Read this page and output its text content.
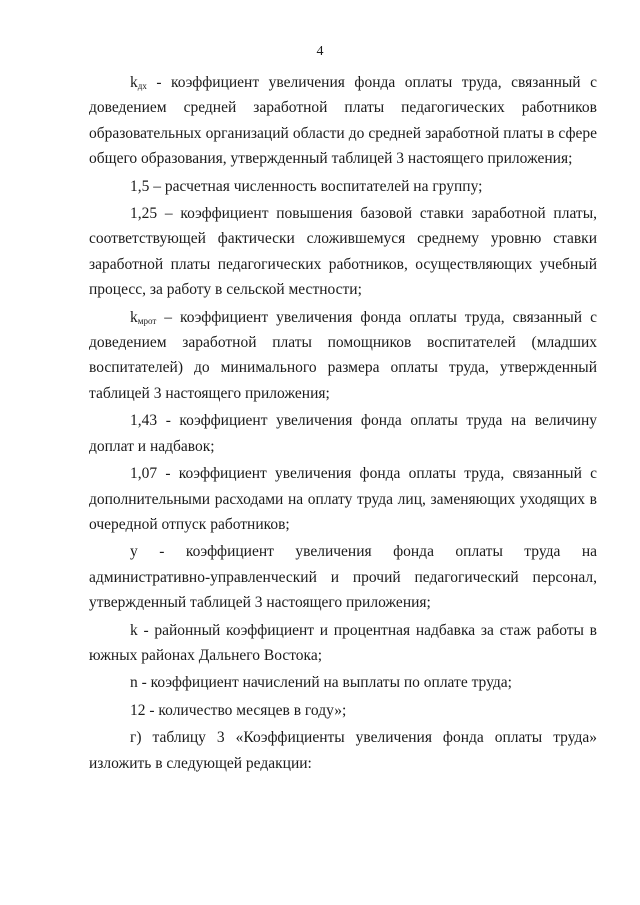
4

$k_{дх}$ - коэффициент увеличения фонда оплаты труда, связанный с доведением средней заработной платы педагогических работников образовательных организаций области до средней заработной платы в сфере общего образования, утвержденный таблицей 3 настоящего приложения;

1,5 – расчетная численность воспитателей на группу;

1,25 – коэффициент повышения базовой ставки заработной платы, соответствующей фактически сложившемуся среднему уровню ставки заработной платы педагогических работников, осуществляющих учебный процесс, за работу в сельской местности;

$k_{мрот}$ – коэффициент увеличения фонда оплаты труда, связанный с доведением заработной платы помощников воспитателей (младших воспитателей) до минимального размера оплаты труда, утвержденный таблицей 3 настоящего приложения;

1,43 - коэффициент увеличения фонда оплаты труда на величину доплат и надбавок;

1,07 - коэффициент увеличения фонда оплаты труда, связанный с дополнительными расходами на оплату труда лиц, заменяющих уходящих в очередной отпуск работников;

у - коэффициент увеличения фонда оплаты труда на административно-управленческий и прочий педагогический персонал, утвержденный таблицей 3 настоящего приложения;

k - районный коэффициент и процентная надбавка за стаж работы в южных районах Дальнего Востока;

n - коэффициент начислений на выплаты по оплате труда;

12 - количество месяцев в году»;

г) таблицу 3 «Коэффициенты увеличения фонда оплаты труда» изложить в следующей редакции:
